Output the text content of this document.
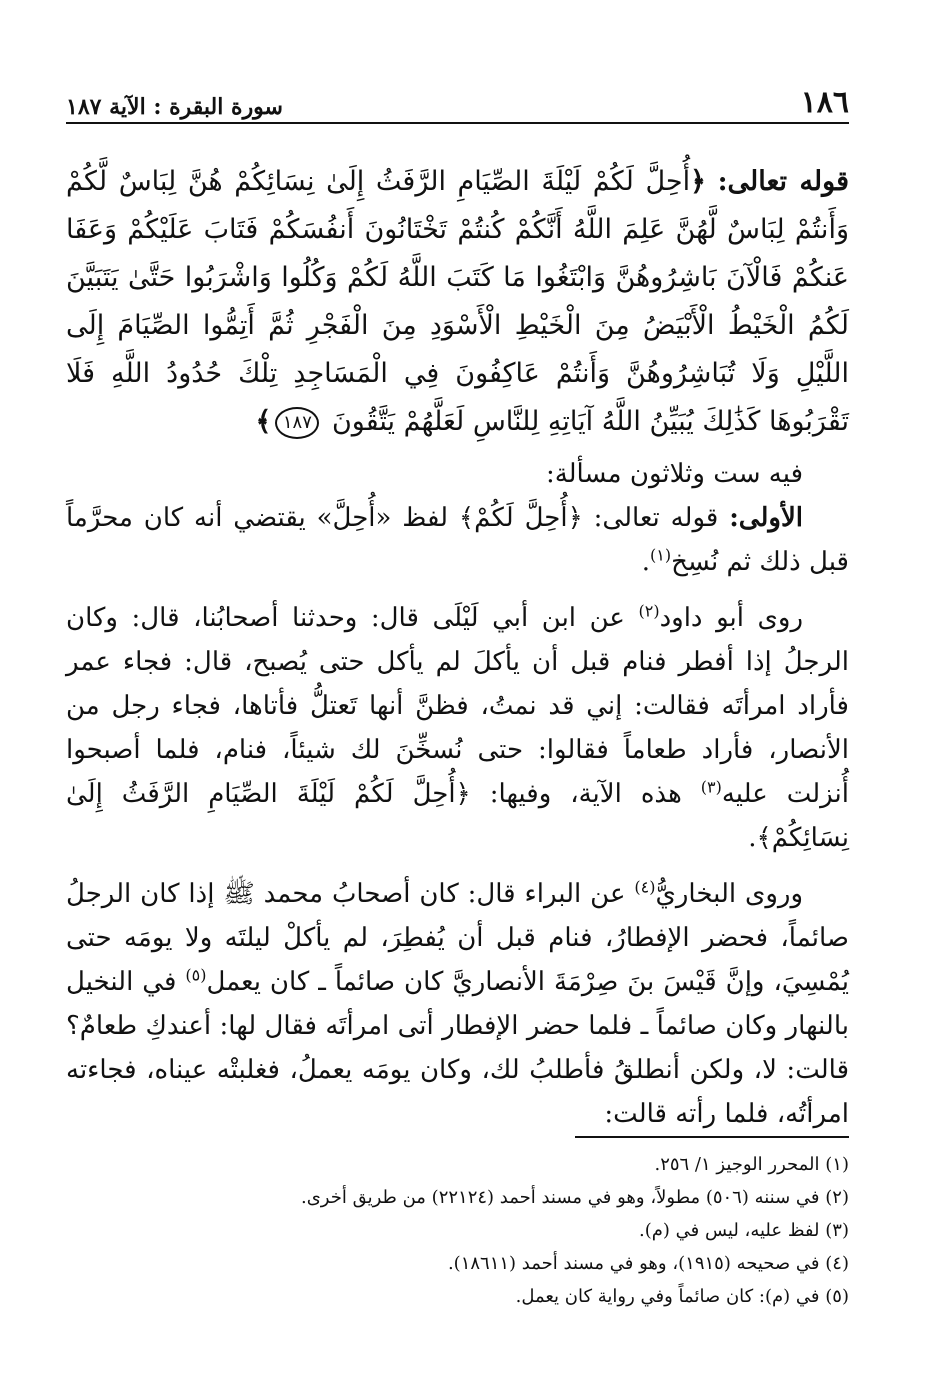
١٨٦
سورة البقرة : الآية ١٨٧

قوله تعالى: ﴿أُحِلَّ لَكُمْ لَيْلَةَ الصِّيَامِ الرَّفَثُ إِلَىٰ نِسَائِكُمْ هُنَّ لِبَاسٌ لَّكُمْ وَأَنتُمْ لِبَاسٌ لَّهُنَّ عَلِمَ اللَّهُ أَنَّكُمْ كُنتُمْ تَخْتَانُونَ أَنفُسَكُمْ فَتَابَ عَلَيْكُمْ وَعَفَا عَنكُمْ فَالْآنَ بَاشِرُوهُنَّ وَابْتَغُوا مَا كَتَبَ اللَّهُ لَكُمْ وَكُلُوا وَاشْرَبُوا حَتَّىٰ يَتَبَيَّنَ لَكُمُ الْخَيْطُ الْأَبْيَضُ مِنَ الْخَيْطِ الْأَسْوَدِ مِنَ الْفَجْرِ ثُمَّ أَتِمُّوا الصِّيَامَ إِلَى اللَّيْلِ وَلَا تُبَاشِرُوهُنَّ وَأَنتُمْ عَاكِفُونَ فِي الْمَسَاجِدِ تِلْكَ حُدُودُ اللَّهِ فَلَا تَقْرَبُوهَا كَذَٰلِكَ يُبَيِّنُ اللَّهُ آيَاتِهِ لِلنَّاسِ لَعَلَّهُمْ يَتَّقُونَ ١٨٧﴾

فيه ست وثلاثون مسألة:

الأولى: قوله تعالى: ﴿أُحِلَّ لَكُمْ﴾ لفظ «أُحِلَّ» يقتضي أنه كان محرَّماً قبل ذلك ثم نُسِخ$^{(١)}$.

روى أبو داود$^{(٢)}$ عن ابن أبي لَيْلَى قال: وحدثنا أصحابُنا، قال: وكان الرجلُ إذا أفطر فنام قبل أن يأكلَ لم يأكل حتى يُصبح، قال: فجاء عمر فأراد امرأتَه فقالت: إني قد نمتُ، فظنَّ أنها تَعتلُّ فأتاها، فجاء رجل من الأنصار، فأراد طعاماً فقالوا: حتى نُسخِّنَ لك شيئاً، فنام، فلما أصبحوا أُنزلت عليه$^{(٣)}$ هذه الآية، وفيها: ﴿أُحِلَّ لَكُمْ لَيْلَةَ الصِّيَامِ الرَّفَثُ إِلَىٰ نِسَائِكُمْ﴾.

وروى البخاريُّ$^{(٤)}$ عن البراء قال: كان أصحابُ محمد ﷺ إذا كان الرجلُ صائماً، فحضر الإفطارُ، فنام قبل أن يُفطِرَ، لم يأكلْ ليلتَه ولا يومَه حتى يُمْسِيَ، وإنَّ قَيْسَ بنَ صِرْمَةَ الأنصاريَّ كان صائماً ـ كان يعمل$^{(٥)}$ في النخيل بالنهار وكان صائماً ـ فلما حضر الإفطار أتى امرأتَه فقال لها: أعندكِ طعامٌ؟ قالت: لا، ولكن أنطلقُ فأطلبُ لك، وكان يومَه يعملُ، فغلبتْه عيناه، فجاءته امرأتُه، فلما رأته قالت:

(١) المحرر الوجيز ١/ ٢٥٦.

(٢) في سننه (٥٠٦) مطولاً، وهو في مسند أحمد (٢٢١٢٤) من طريق أخرى.

(٣) لفظ عليه، ليس في (م).

(٤) في صحيحه (١٩١٥)، وهو في مسند أحمد (١٨٦١١).

(٥) في (م): كان صائماً وفي رواية كان يعمل.
